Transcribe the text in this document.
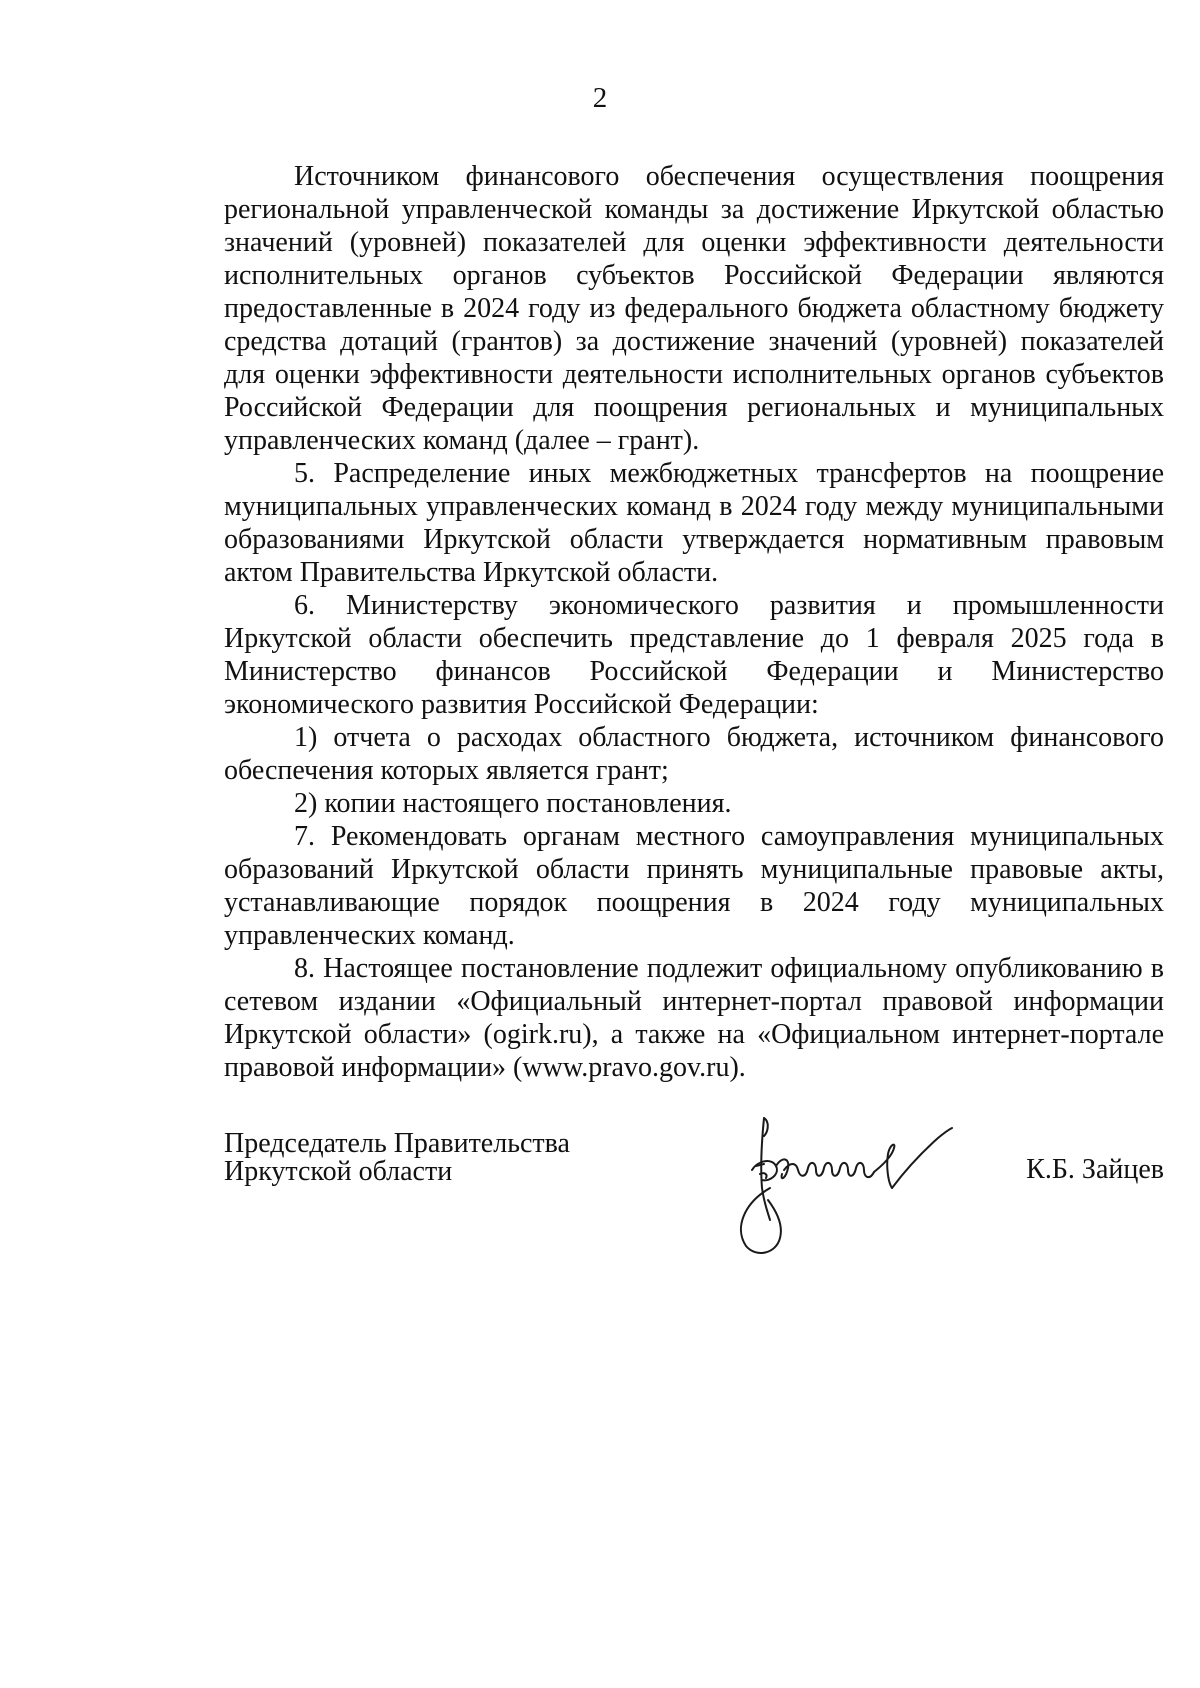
2

Источником финансового обеспечения осуществления поощрения региональной управленческой команды за достижение Иркутской областью значений (уровней) показателей для оценки эффективности деятельности исполнительных органов субъектов Российской Федерации являются предоставленные в 2024 году из федерального бюджета областному бюджету средства дотаций (грантов) за достижение значений (уровней) показателей для оценки эффективности деятельности исполнительных органов субъектов Российской Федерации для поощрения региональных и муниципальных управленческих команд (далее – грант).

5. Распределение иных межбюджетных трансфертов на поощрение муниципальных управленческих команд в 2024 году между муниципальными образованиями Иркутской области утверждается нормативным правовым актом Правительства Иркутской области.

6. Министерству экономического развития и промышленности Иркутской области обеспечить представление до 1 февраля 2025 года в Министерство финансов Российской Федерации и Министерство экономического развития Российской Федерации:

1) отчета о расходах областного бюджета, источником финансового обеспечения которых является грант;

2) копии настоящего постановления.

7. Рекомендовать органам местного самоуправления муниципальных образований Иркутской области принять муниципальные правовые акты, устанавливающие порядок поощрения в 2024 году муниципальных управленческих команд.

8. Настоящее постановление подлежит официальному опубликованию в сетевом издании «Официальный интернет-портал правовой информации Иркутской области» (ogirk.ru), а также на «Официальном интернет-портале правовой информации» (www.pravo.gov.ru).

Председатель Правительства
Иркутской области	К.Б. Зайцев
